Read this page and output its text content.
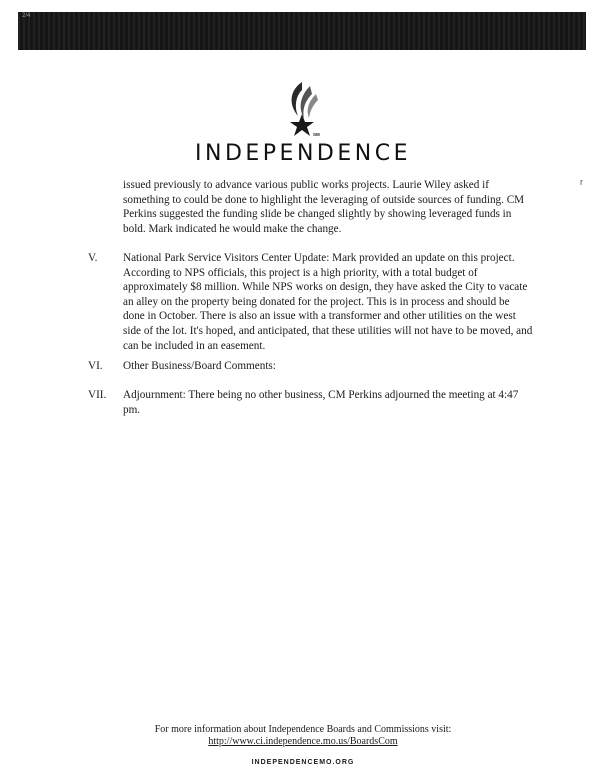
2/4
SM
INDEPENDENCE
r

issued previously to advance various public works projects. Laurie Wiley asked if something to could be done to highlight the leveraging of outside sources of funding. CM Perkins suggested the funding slide be changed slightly by showing leveraged funds in bold. Mark indicated he would make the change.

V. National Park Service Visitors Center Update: Mark provided an update on this project. According to NPS officials, this project is a high priority, with a total budget of approximately $8 million. While NPS works on design, they have asked the City to vacate an alley on the property being donated for the project. This is in process and should be done in October. There is also an issue with a transformer and other utilities on the west side of the lot. It's hoped, and anticipated, that these utilities will not have to be moved, and can be included in an easement.

VI. Other Business/Board Comments:

VII. Adjournment: There being no other business, CM Perkins adjourned the meeting at 4:47 pm.

For more information about Independence Boards and Commissions visit:
http://www.ci.independence.mo.us/BoardsCom
INDEPENDENCEMO.ORG
